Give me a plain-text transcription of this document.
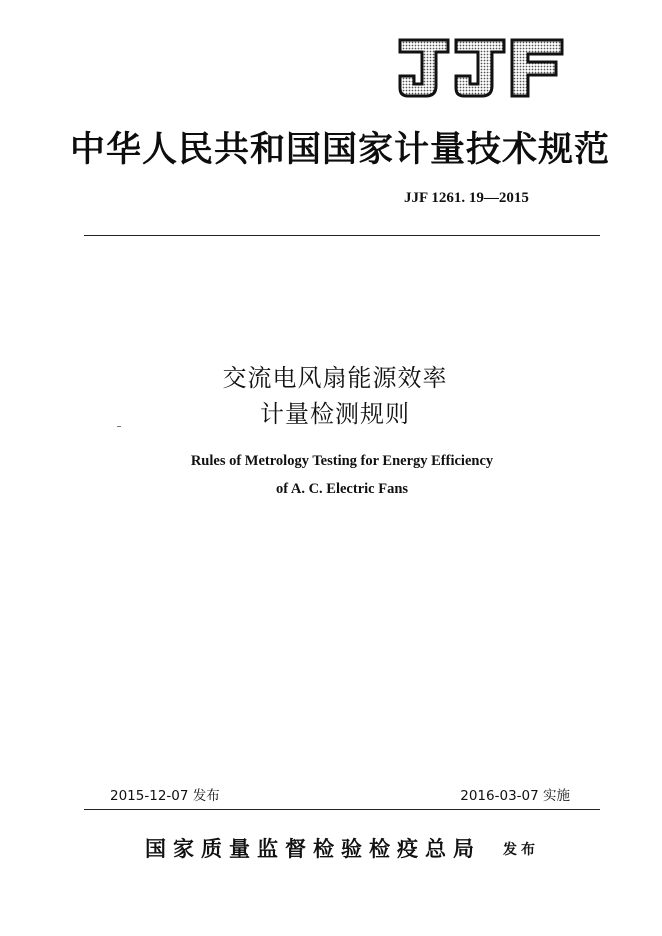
中华人民共和国国家计量技术规范
JJF 1261. 19—2015
交流电风扇能源效率
计量检测规则
Rules of Metrology Testing for Energy Efficiency
of A. C. Electric Fans
2015-12-07 发布	2016-03-07 实施
国家质量监督检验检疫总局 发布
